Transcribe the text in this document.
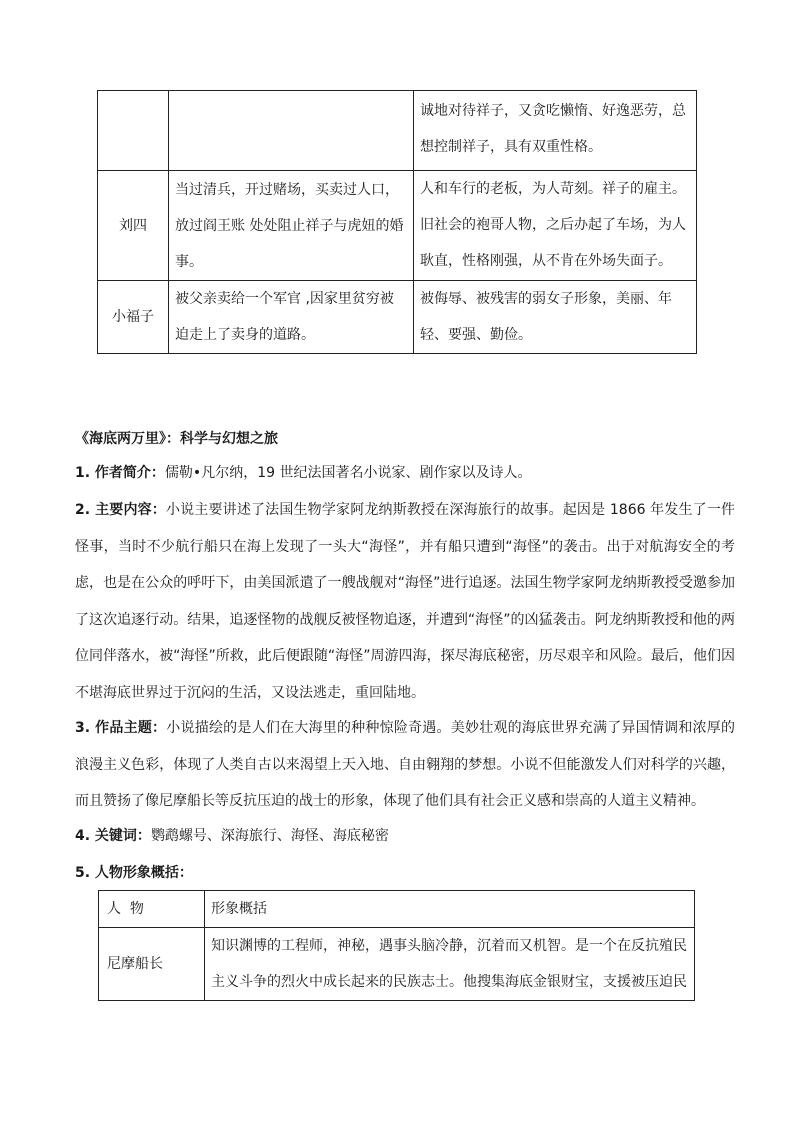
		诚地对待祥子，又贪吃懒惰、好逸恶劳，总想控制祥子，具有双重性格。
刘四	当过清兵，开过赌场，买卖过人口，放过阎王账 处处阻止祥子与虎妞的婚事。	人和车行的老板，为人苛刻。祥子的雇主。旧社会的袍哥人物，之后办起了车场，为人耿直，性格刚强，从不肯在外场失面子。
小福子	被父亲卖给一个军官 ,因家里贫穷被迫走上了卖身的道路。	被侮辱、被残害的弱女子形象，美丽、年轻、要强、勤俭。
《海底两万里》：科学与幻想之旅
1. 作者简介：儒勒•凡尔纳，19 世纪法国著名小说家、剧作家以及诗人。
2. 主要内容：小说主要讲述了法国生物学家阿龙纳斯教授在深海旅行的故事。起因是 1866 年发生了一件怪事，当时不少航行船只在海上发现了一头大“海怪”，并有船只遭到“海怪”的袭击。出于对航海安全的考虑，也是在公众的呼吁下，由美国派遣了一艘战舰对“海怪”进行追逐。法国生物学家阿龙纳斯教授受邀参加了这次追逐行动。结果，追逐怪物的战舰反被怪物追逐，并遭到“海怪”的凶猛袭击。阿龙纳斯教授和他的两位同伴落水，被“海怪”所救，此后便跟随“海怪”周游四海，探尽海底秘密，历尽艰辛和风险。最后，他们因不堪海底世界过于沉闷的生活，又设法逃走，重回陆地。
3. 作品主题：小说描绘的是人们在大海里的种种惊险奇遇。美妙壮观的海底世界充满了异国情调和浓厚的浪漫主义色彩，体现了人类自古以来渴望上天入地、自由翱翔的梦想。小说不但能激发人们对科学的兴趣，而且赞扬了像尼摩船长等反抗压迫的战士的形象，体现了他们具有社会正义感和崇高的人道主义精神。
4. 关键词：鹦鹉螺号、深海旅行、海怪、海底秘密
5. 人物形象概括：
人  物	形象概括
尼摩船长	知识渊博的工程师，神秘，遇事头脑冷静，沉着而又机智。是一个在反抗殖民主义斗争的烈火中成长起来的民族志士。他搜集海底金银财宝，支援被压迫民
